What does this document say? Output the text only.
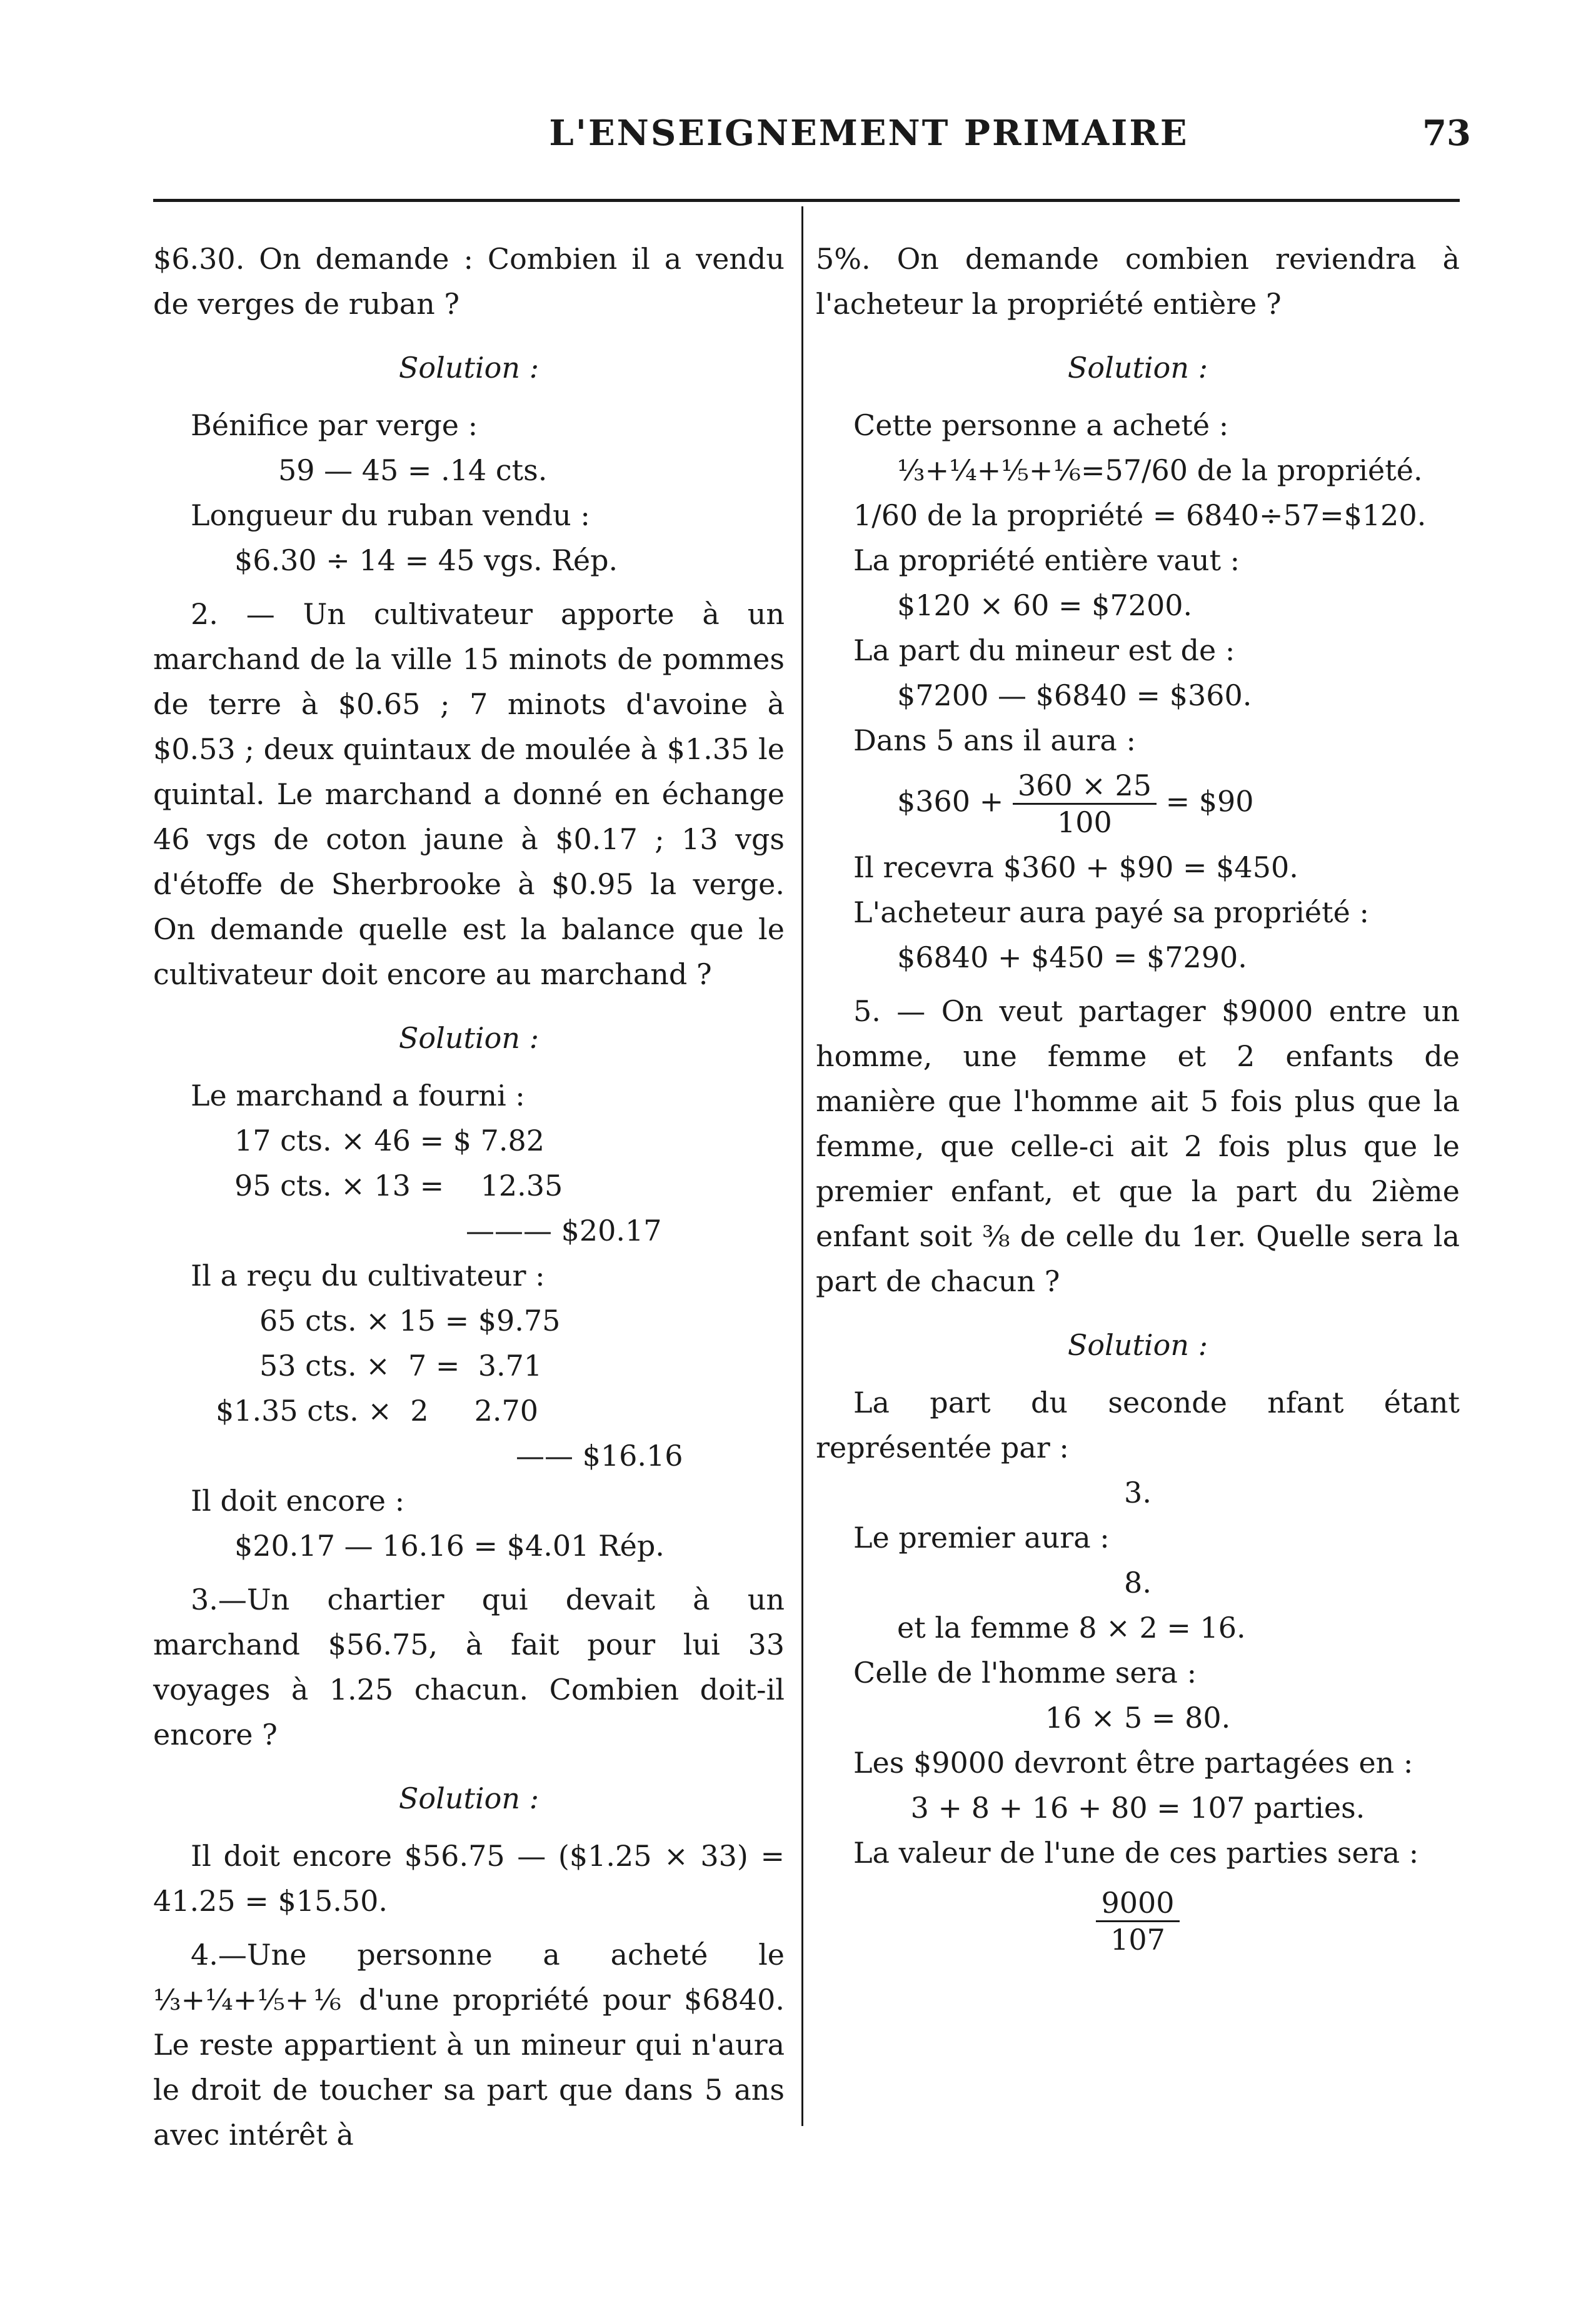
L'ENSEIGNEMENT PRIMAIRE	73

$6.30. On demande : Combien il a vendu de verges de ruban ?

Solution :
Bénifice par verge :
59 — 45 = .14 cts.
Longueur du ruban vendu :
$6.30 ÷ 14 = 45 vgs. Rép.

2. — Un cultivateur apporte à un marchand de la ville 15 minots de pommes de terre à $0.65 ; 7 minots d'avoine à $0.53 ; deux quintaux de moulée à $1.35 le quintal. Le marchand a donné en échange 46 vgs de coton jaune à $0.17 ; 13 vgs d'étoffe de Sherbrooke à $0.95 la verge. On demande quelle est la balance que le cultivateur doit encore au marchand ?

Solution :
Le marchand a fourni :
17 cts. × 46 = $ 7.82
95 cts. × 13 =    12.35
——— $20.17
Il a reçu du cultivateur :
65 cts. × 15 = $9.75
53 cts. ×  7 =  3.71
$1.35 cts. ×  2     2.70
—— $16.16
Il doit encore :
$20.17 — 16.16 = $4.01 Rép.

3.—Un chartier qui devait à un marchand $56.75, à fait pour lui 33 voyages à 1.25 chacun. Combien doit-il encore ?

Solution :

Il doit encore $56.75 — ($1.25 × 33) = 41.25 = $15.50.

4.—Une personne a acheté le ⅓+¼+⅕+⅙ d'une propriété pour $6840. Le reste appartient à un mineur qui n'aura le droit de toucher sa part que dans 5 ans avec intérêt à

5%. On demande combien reviendra à l'acheteur la propriété entière ?

Solution :
Cette personne a acheté :
⅓+¼+⅕+⅙=57/60 de la propriété.
1/60 de la propriété = 6840÷57=$120.
La propriété entière vaut :
$120 × 60 = $7200.
La part du mineur est de :
$7200 — $6840 = $360.
Dans 5 ans il aura :
$360 + $\frac{360 \times 25}{100}$ = $90
Il recevra $360 + $90 = $450.
L'acheteur aura payé sa propriété :
$6840 + $450 = $7290.

5. — On veut partager $9000 entre un homme, une femme et 2 enfants de manière que l'homme ait 5 fois plus que la femme, que celle-ci ait 2 fois plus que le premier enfant, et que la part du 2ième enfant soit ⅜ de celle du 1er. Quelle sera la part de chacun ?

Solution :

La part du seconde nfant étant représentée par :

3.
Le premier aura :
8.
et la femme 8 × 2 = 16.
Celle de l'homme sera :
16 × 5 = 80.
Les $9000 devront être partagées en :
3 + 8 + 16 + 80 = 107 parties.
La valeur de l'une de ces parties sera :
$\frac{9000}{107}$
